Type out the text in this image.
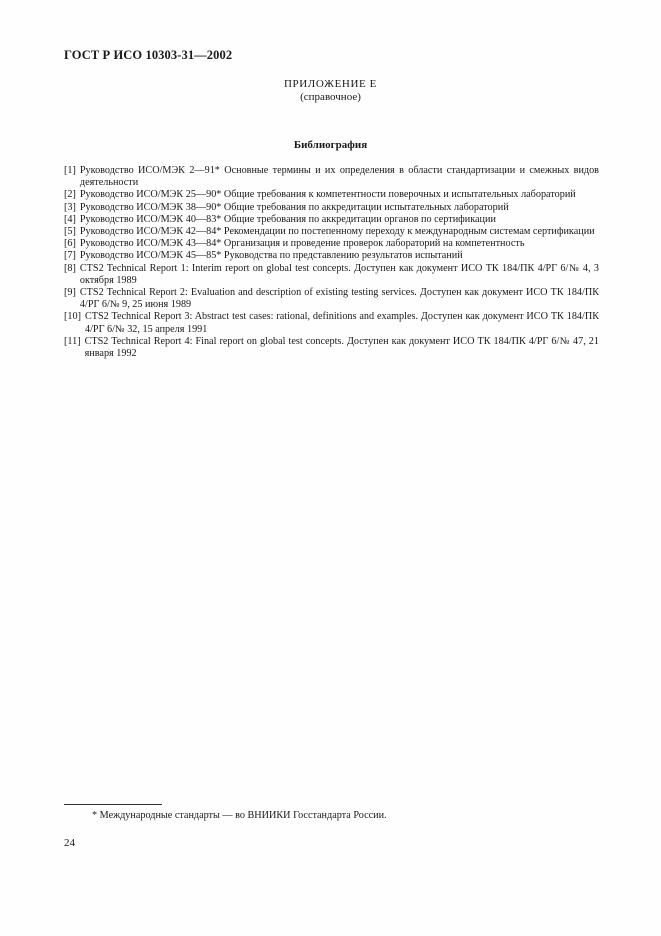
ГОСТ Р ИСО 10303-31—2002
ПРИЛОЖЕНИЕ Е
(справочное)
Библиография
[1] Руководство ИСО/МЭК 2—91* Основные термины и их определения в области стандартизации и смежных видов деятельности
[2] Руководство ИСО/МЭК 25—90* Общие требования к компетентности поверочных и испытательных лабораторий
[3] Руководство ИСО/МЭК 38—90* Общие требования по аккредитации испытательных лабораторий
[4] Руководство ИСО/МЭК 40—83* Общие требования по аккредитации органов по сертификации
[5] Руководство ИСО/МЭК 42—84* Рекомендации по постепенному переходу к международным системам сертификации
[6] Руководство ИСО/МЭК 43—84* Организация и проведение проверок лабораторий на компетентность
[7] Руководство ИСО/МЭК 45—85* Руководства по представлению результатов испытаний
[8] CTS2 Technical Report 1: Interim report on global test concepts. Доступен как документ ИСО ТК 184/ПК 4/РГ 6/№ 4, 3 октября 1989
[9] CTS2 Technical Report 2: Evaluation and description of existing testing services. Доступен как документ ИСО ТК 184/ПК 4/РГ 6/№ 9, 25 июня 1989
[10] CTS2 Technical Report 3: Abstract test cases: rational, definitions and examples. Доступен как документ ИСО ТК 184/ПК 4/РГ 6/№ 32, 15 апреля 1991
[11] CTS2 Technical Report 4: Final report on global test concepts. Доступен как документ ИСО ТК 184/ПК 4/РГ 6/№ 47, 21 января 1992
* Международные стандарты — во ВНИИКИ Госстандарта России.
24
